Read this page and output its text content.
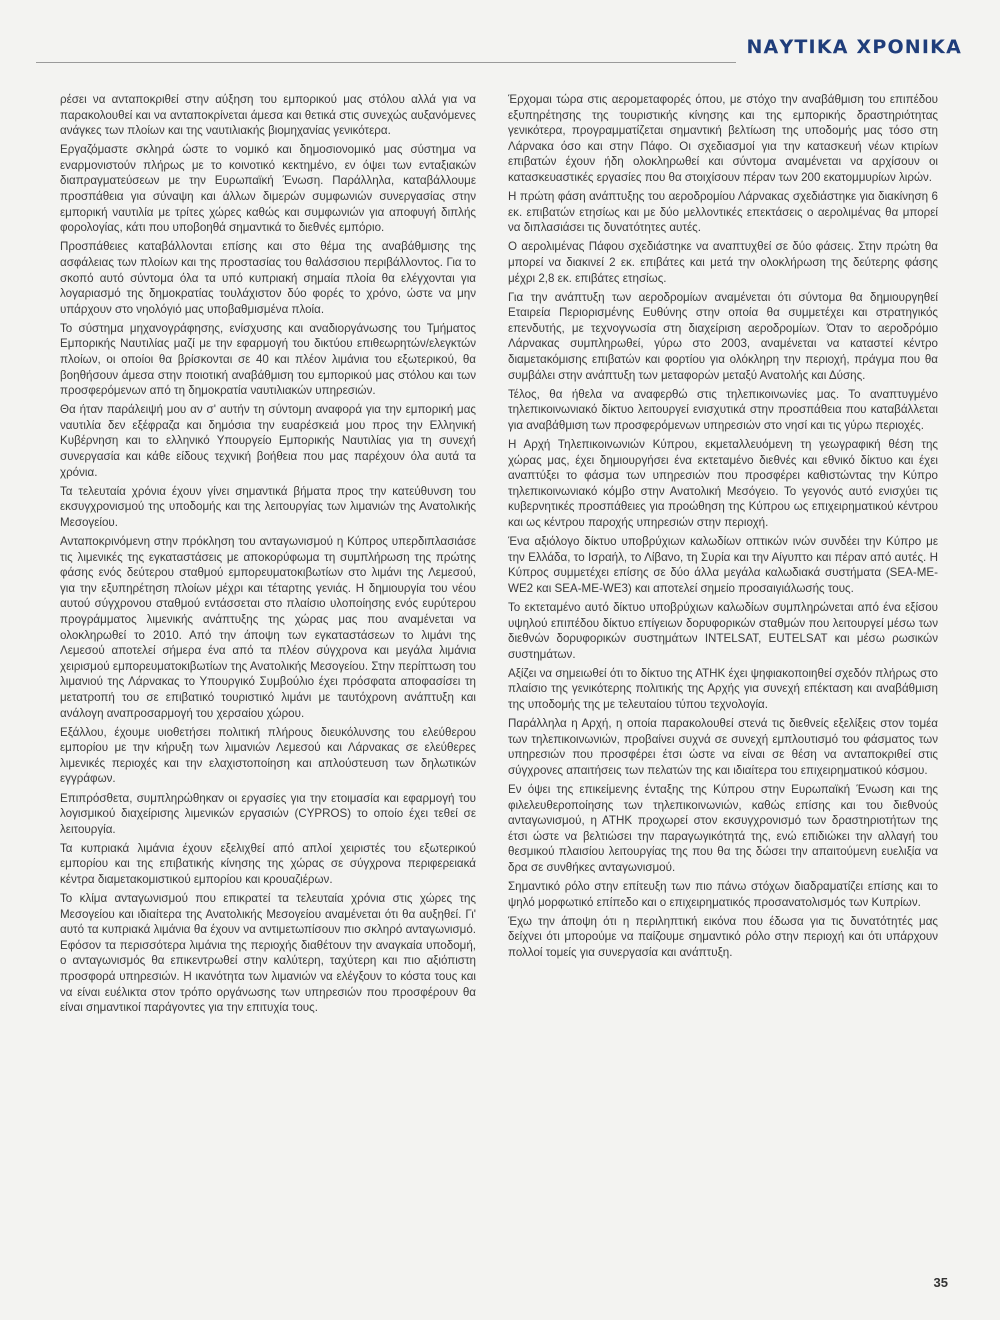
ΝΑΥΤΙΚΑ ΧΡΟΝΙΚΑ

ρέσει να ανταποκριθεί στην αύξηση του εμπορικού μας στόλου αλλά για να παρακολουθεί και να ανταποκρίνεται άμεσα και θετικά στις συνεχώς αυξανόμενες ανάγκες των πλοίων και της ναυτιλιακής βιομηχανίας γενικότερα.

Εργαζόμαστε σκληρά ώστε το νομικό και δημοσιονομικό μας σύστημα να εναρμονιστούν πλήρως με το κοινοτικό κεκτημένο, εν όψει των ενταξιακών διαπραγματεύσεων με την Ευρωπαϊκή Ένωση. Παράλληλα, καταβάλλουμε προσπάθεια για σύναψη και άλλων διμερών συμφωνιών συνεργασίας στην εμπορική ναυτιλία με τρίτες χώρες καθώς και συμφωνιών για αποφυγή διπλής φορολογίας, κάτι που υποβοηθά σημαντικά το διεθνές εμπόριο.

Προσπάθειες καταβάλλονται επίσης και στο θέμα της αναβάθμισης της ασφάλειας των πλοίων και της προστασίας του θαλάσσιου περιβάλλοντος. Για το σκοπό αυτό σύντομα όλα τα υπό κυπριακή σημαία πλοία θα ελέγχονται για λογαριασμό της δημοκρατίας τουλάχιστον δύο φορές το χρόνο, ώστε να μην υπάρχουν στο νηολόγιό μας υποβαθμισμένα πλοία.

Το σύστημα μηχανογράφησης, ενίσχυσης και αναδιοργάνωσης του Τμήματος Εμπορικής Ναυτιλίας μαζί με την εφαρμογή του δικτύου επιθεωρητών/ελεγκτών πλοίων, οι οποίοι θα βρίσκονται σε 40 και πλέον λιμάνια του εξωτερικού, θα βοηθήσουν άμεσα στην ποιοτική αναβάθμιση του εμπορικού μας στόλου και των προσφερόμενων από τη δημοκρατία ναυτιλιακών υπηρεσιών.

Θα ήταν παράλειψή μου αν σ' αυτήν τη σύντομη αναφορά για την εμπορική μας ναυτιλία δεν εξέφραζα και δημόσια την ευαρέσκειά μου προς την Ελληνική Κυβέρνηση και το ελληνικό Υπουργείο Εμπορικής Ναυτιλίας για τη συνεχή συνεργασία και κάθε είδους τεχνική βοήθεια που μας παρέχουν όλα αυτά τα χρόνια.

Τα τελευταία χρόνια έχουν γίνει σημαντικά βήματα προς την κατεύθυνση του εκσυγχρονισμού της υποδομής και της λειτουργίας των λιμανιών της Ανατολικής Μεσογείου.

Ανταποκρινόμενη στην πρόκληση του ανταγωνισμού η Κύπρος υπερδιπλασιάσε τις λιμενικές της εγκαταστάσεις με αποκορύφωμα τη συμπλήρωση της πρώτης φάσης ενός δεύτερου σταθμού εμπορευματοκιβωτίων στο λιμάνι της Λεμεσού, για την εξυπηρέτηση πλοίων μέχρι και τέταρτης γενιάς. Η δημιουργία του νέου αυτού σύγχρονου σταθμού εντάσσεται στο πλαίσιο υλοποίησης ενός ευρύτερου προγράμματος λιμενικής ανάπτυξης της χώρας μας που αναμένεται να ολοκληρωθεί το 2010. Από την άποψη των εγκαταστάσεων το λιμάνι της Λεμεσού αποτελεί σήμερα ένα από τα πλέον σύγχρονα και μεγάλα λιμάνια χειρισμού εμπορευματοκιβωτίων της Ανατολικής Μεσογείου. Στην περίπτωση του λιμανιού της Λάρνακας το Υπουργικό Συμβούλιο έχει πρόσφατα αποφασίσει τη μετατροπή του σε επιβατικό τουριστικό λιμάνι με ταυτόχρονη ανάπτυξη και ανάλογη αναπροσαρμογή του χερσαίου χώρου.

Εξάλλου, έχουμε υιοθετήσει πολιτική πλήρους διευκόλυνσης του ελεύθερου εμπορίου με την κήρυξη των λιμανιών Λεμεσού και Λάρνακας σε ελεύθερες λιμενικές περιοχές και την ελαχιστοποίηση και απλούστευση των δηλωτικών εγγράφων.

Επιπρόσθετα, συμπληρώθηκαν οι εργασίες για την ετοιμασία και εφαρμογή του λογισμικού διαχείρισης λιμενικών εργασιών (CYPROS) το οποίο έχει τεθεί σε λειτουργία.

Τα κυπριακά λιμάνια έχουν εξελιχθεί από απλοί χειριστές του εξωτερικού εμπορίου και της επιβατικής κίνησης της χώρας σε σύγχρονα περιφερειακά κέντρα διαμετακομιστικού εμπορίου και κρουαζιέρων.

Το κλίμα ανταγωνισμού που επικρατεί τα τελευταία χρόνια στις χώρες της Μεσογείου και ιδιαίτερα της Ανατολικής Μεσογείου αναμένεται ότι θα αυξηθεί. Γι' αυτό τα κυπριακά λιμάνια θα έχουν να αντιμετωπίσουν πιο σκληρό ανταγωνισμό. Εφόσον τα περισσότερα λιμάνια της περιοχής διαθέτουν την αναγκαία υποδομή, ο ανταγωνισμός θα επικεντρωθεί στην καλύτερη, ταχύτερη και πιο αξιόπιστη προσφορά υπηρεσιών. Η ικανότητα των λιμανιών να ελέγξουν το κόστα τους και να είναι ευέλικτα στον τρόπο οργάνωσης των υπηρεσιών που προσφέρουν θα είναι σημαντικοί παράγοντες για την επιτυχία τους.

Έρχομαι τώρα στις αερομεταφορές όπου, με στόχο την αναβάθμιση του επιπέδου εξυπηρέτησης της τουριστικής κίνησης και της εμπορικής δραστηριότητας γενικότερα, προγραμματίζεται σημαντική βελτίωση της υποδομής μας τόσο στη Λάρνακα όσο και στην Πάφο. Οι σχεδιασμοί για την κατασκευή νέων κτιρίων επιβατών έχουν ήδη ολοκληρωθεί και σύντομα αναμένεται να αρχίσουν οι κατασκευαστικές εργασίες που θα στοιχίσουν πέραν των 200 εκατομμυρίων λιρών.

Η πρώτη φάση ανάπτυξης του αεροδρομίου Λάρνακας σχεδιάστηκε για διακίνηση 6 εκ. επιβατών ετησίως και με δύο μελλοντικές επεκτάσεις ο αερολιμένας θα μπορεί να διπλασιάσει τις δυνατότητες αυτές.

Ο αερολιμένας Πάφου σχεδιάστηκε να αναπτυχθεί σε δύο φάσεις. Στην πρώτη θα μπορεί να διακινεί 2 εκ. επιβάτες και μετά την ολοκλήρωση της δεύτερης φάσης μέχρι 2,8 εκ. επιβάτες ετησίως.

Για την ανάπτυξη των αεροδρομίων αναμένεται ότι σύντομα θα δημιουργηθεί Εταιρεία Περιορισμένης Ευθύνης στην οποία θα συμμετέχει και στρατηγικός επενδυτής, με τεχνογνωσία στη διαχείριση αεροδρομίων. Όταν το αεροδρόμιο Λάρνακας συμπληρωθεί, γύρω στο 2003, αναμένεται να καταστεί κέντρο διαμετακόμισης επιβατών και φορτίου για ολόκληρη την περιοχή, πράγμα που θα συμβάλει στην ανάπτυξη των μεταφορών μεταξύ Ανατολής και Δύσης.

Τέλος, θα ήθελα να αναφερθώ στις τηλεπικοινωνίες μας. Το αναπτυγμένο τηλεπικοινωνιακό δίκτυο λειτουργεί ενισχυτικά στην προσπάθεια που καταβάλλεται για αναβάθμιση των προσφερόμενων υπηρεσιών στο νησί και τις γύρω περιοχές.

Η Αρχή Τηλεπικοινωνιών Κύπρου, εκμεταλλευόμενη τη γεωγραφική θέση της χώρας μας, έχει δημιουργήσει ένα εκτεταμένο διεθνές και εθνικό δίκτυο και έχει αναπτύξει το φάσμα των υπηρεσιών που προσφέρει καθιστώντας την Κύπρο τηλεπικοινωνιακό κόμβο στην Ανατολική Μεσόγειο. Το γεγονός αυτό ενισχύει τις κυβερνητικές προσπάθειες για προώθηση της Κύπρου ως επιχειρηματικού κέντρου και ως κέντρου παροχής υπηρεσιών στην περιοχή.

Ένα αξιόλογο δίκτυο υποβρύχιων καλωδίων οπτικών ινών συνδέει την Κύπρο με την Ελλάδα, το Ισραήλ, το Λίβανο, τη Συρία και την Αίγυπτο και πέραν από αυτές. Η Κύπρος συμμετέχει επίσης σε δύο άλλα μεγάλα καλωδιακά συστήματα (SEA-ME-WE2 και SEA-ME-WE3) και αποτελεί σημείο προσαιγιάλωσής τους.

Το εκτεταμένο αυτό δίκτυο υποβρύχιων καλωδίων συμπληρώνεται από ένα εξίσου υψηλού επιπέδου δίκτυο επίγειων δορυφορικών σταθμών που λειτουργεί μέσω των διεθνών δορυφορικών συστημάτων INTELSAT, EUTELSAT και μέσω ρωσικών συστημάτων.

Αξίζει να σημειωθεί ότι το δίκτυο της ΑΤΗΚ έχει ψηφιακοποιηθεί σχεδόν πλήρως στο πλαίσιο της γενικότερης πολιτικής της Αρχής για συνεχή επέκταση και αναβάθμιση της υποδομής της με τελευταίου τύπου τεχνολογία.

Παράλληλα η Αρχή, η οποία παρακολουθεί στενά τις διεθνείς εξελίξεις στον τομέα των τηλεπικοινωνιών, προβαίνει συχνά σε συνεχή εμπλουτισμό του φάσματος των υπηρεσιών που προσφέρει έτσι ώστε να είναι σε θέση να ανταποκριθεί στις σύγχρονες απαιτήσεις των πελατών της και ιδιαίτερα του επιχειρηματικού κόσμου.

Εν όψει της επικείμενης ένταξης της Κύπρου στην Ευρωπαϊκή Ένωση και της φιλελευθεροποίησης των τηλεπικοινωνιών, καθώς επίσης και του διεθνούς ανταγωνισμού, η ΑΤΗΚ προχωρεί στον εκσυγχρονισμό των δραστηριοτήτων της έτσι ώστε να βελτιώσει την παραγωγικότητά της, ενώ επιδιώκει την αλλαγή του θεσμικού πλαισίου λειτουργίας της που θα της δώσει την απαιτούμενη ευελιξία να δρα σε συνθήκες ανταγωνισμού.

Σημαντικό ρόλο στην επίτευξη των πιο πάνω στόχων διαδραματίζει επίσης και το ψηλό μορφωτικό επίπεδο και ο επιχειρηματικός προσανατολισμός των Κυπρίων.

Έχω την άποψη ότι η περιληπτική εικόνα που έδωσα για τις δυνατότητές μας δείχνει ότι μπορούμε να παίζουμε σημαντικό ρόλο στην περιοχή και ότι υπάρχουν πολλοί τομείς για συνεργασία και ανάπτυξη.

35
